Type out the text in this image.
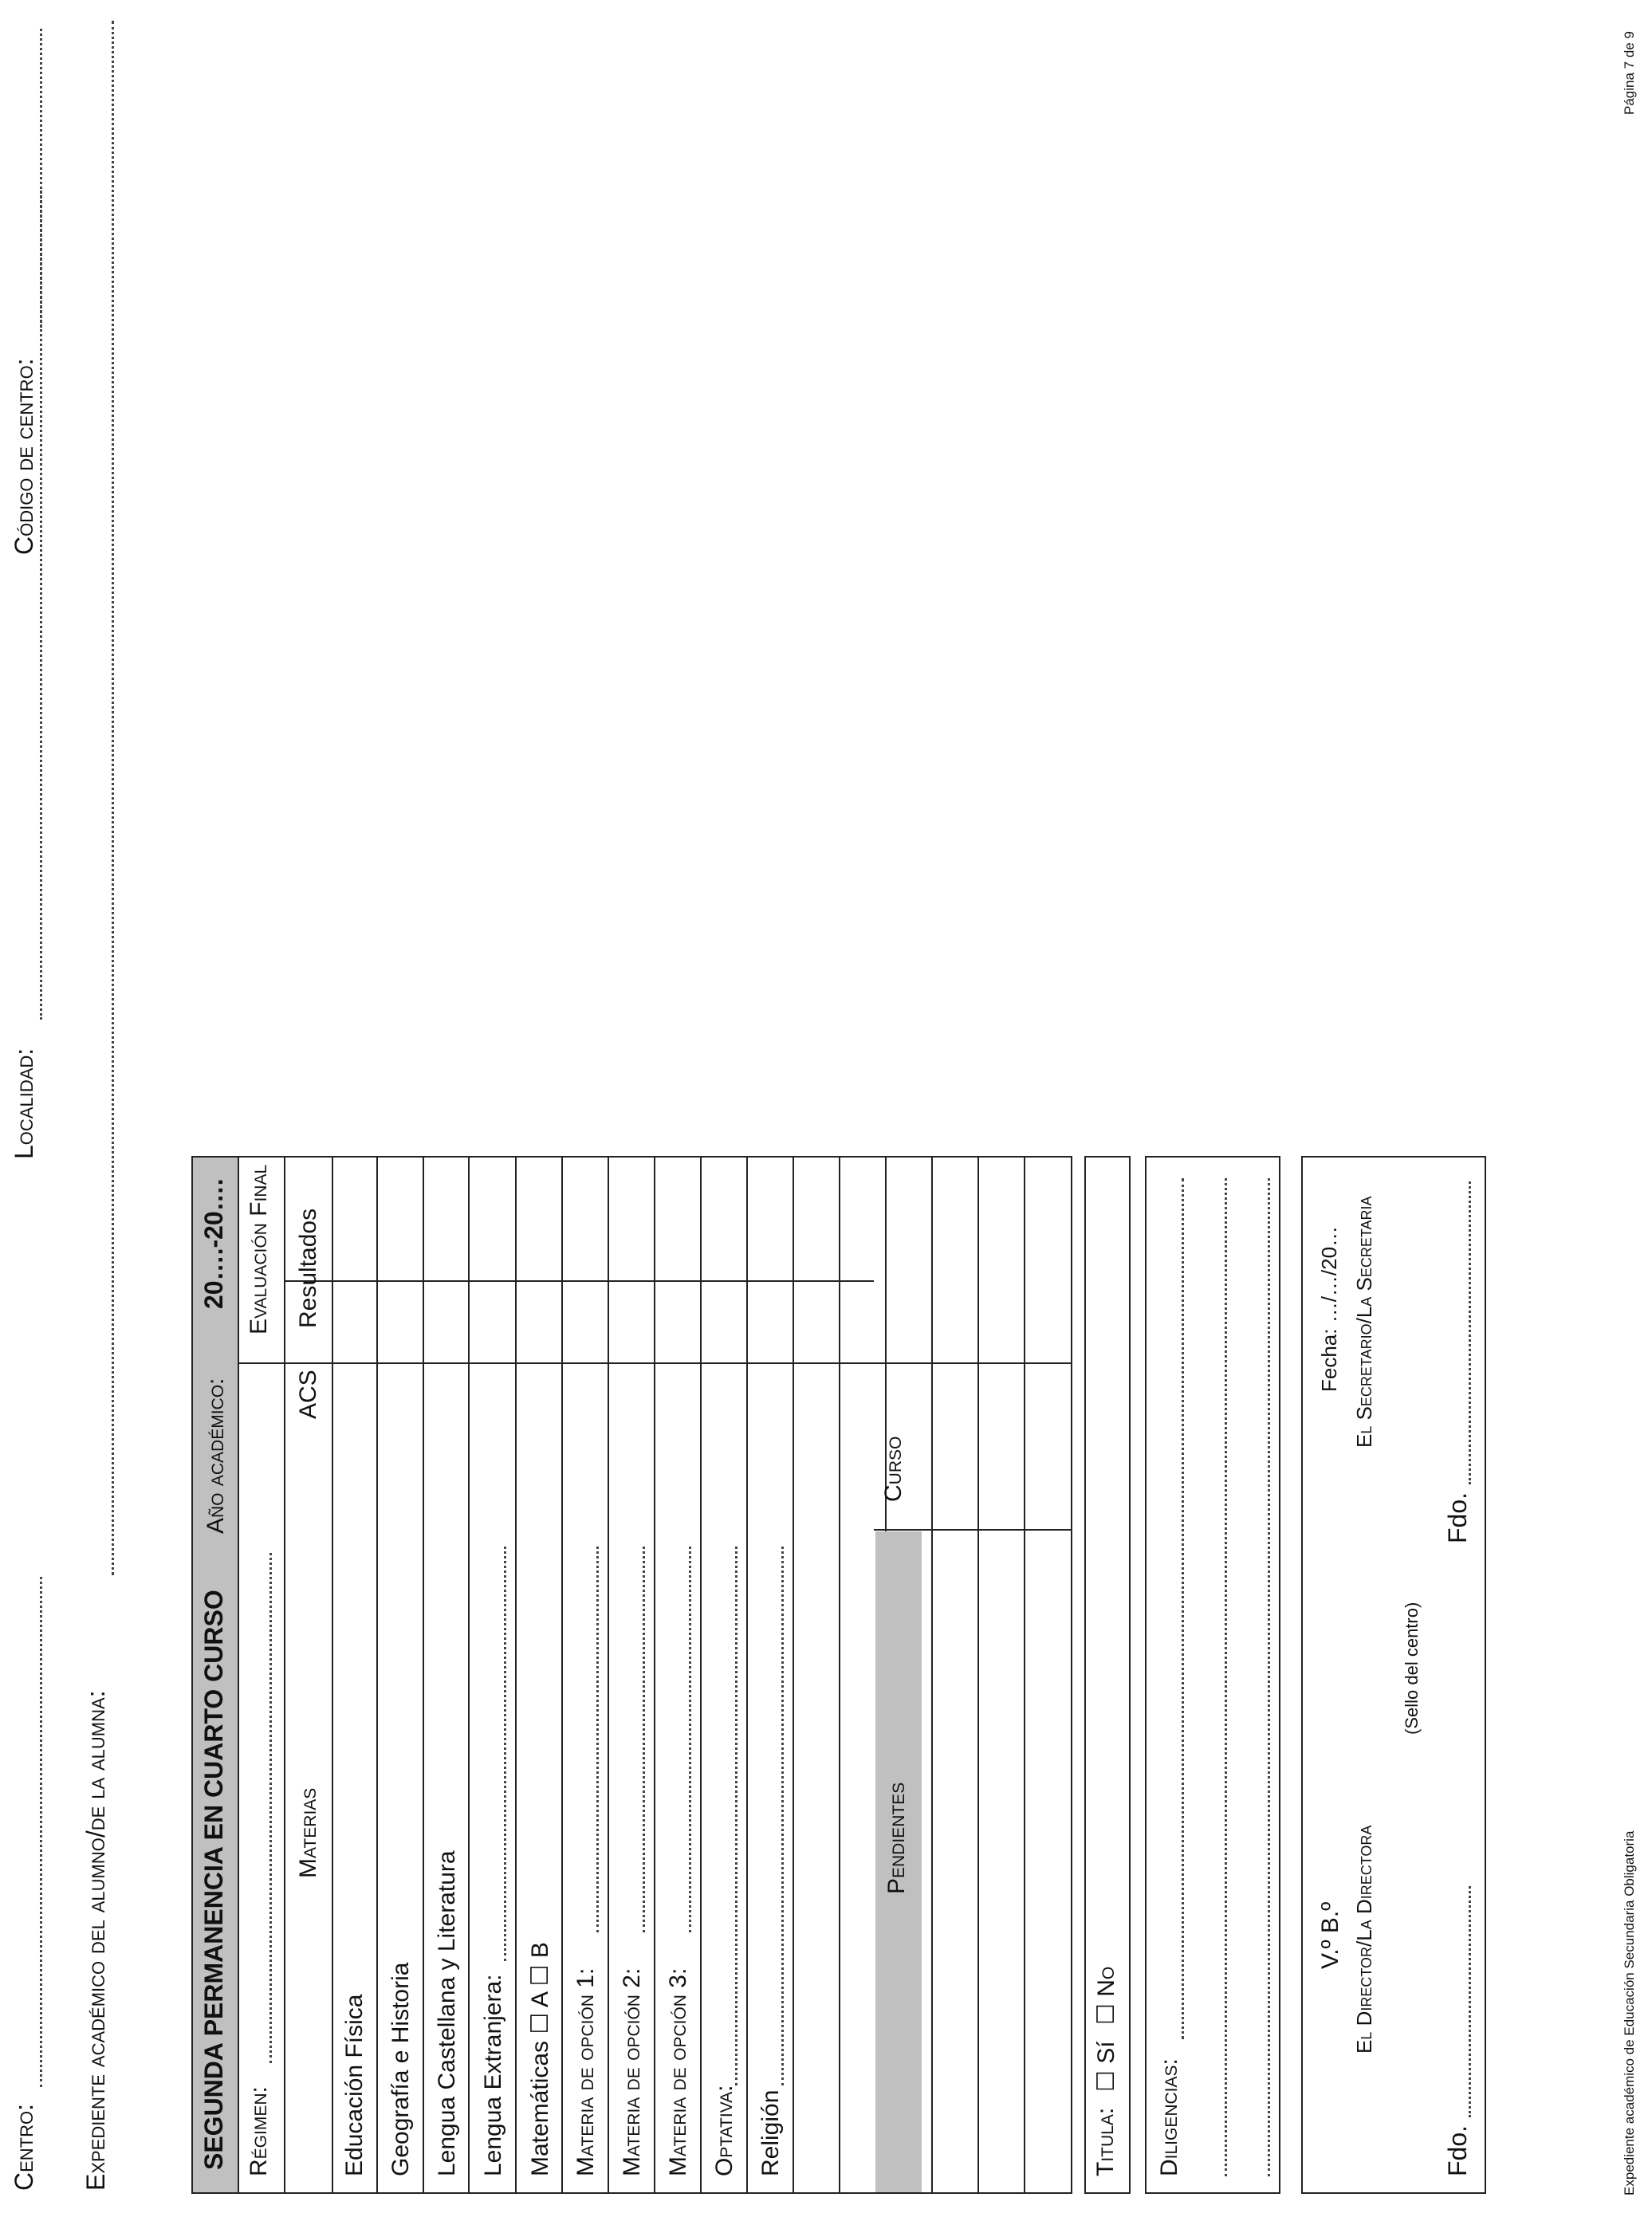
Centro:
Localidad:
Código de centro:
Expediente académico del alumno/de la alumna:	SEGUNDA PERMANENCIA EN CUARTO CURSO
Año académico:
20….-20….
Pendientes
Curso
Régimen:
Evaluación Final
Materias
ACS
Resultados
Educación Física Geografía e Historia Lengua Castellana y Literatura Lengua Extranjera: Matemáticas ☐ A ☐ B Materia de opción 1: Materia de opción 2: Materia de opción 3: Optativa: Religión	Titula:
☐ Sí
☐ No
Diligencias:
V.º B.º El Director/La Directora
(Sello del centro)
Fecha: …/…/20… El Secretario/La Secretaria
Fdo.
Fdo.
Expediente académico de Educación Secundaria Obligatoria
Página 7 de 9
